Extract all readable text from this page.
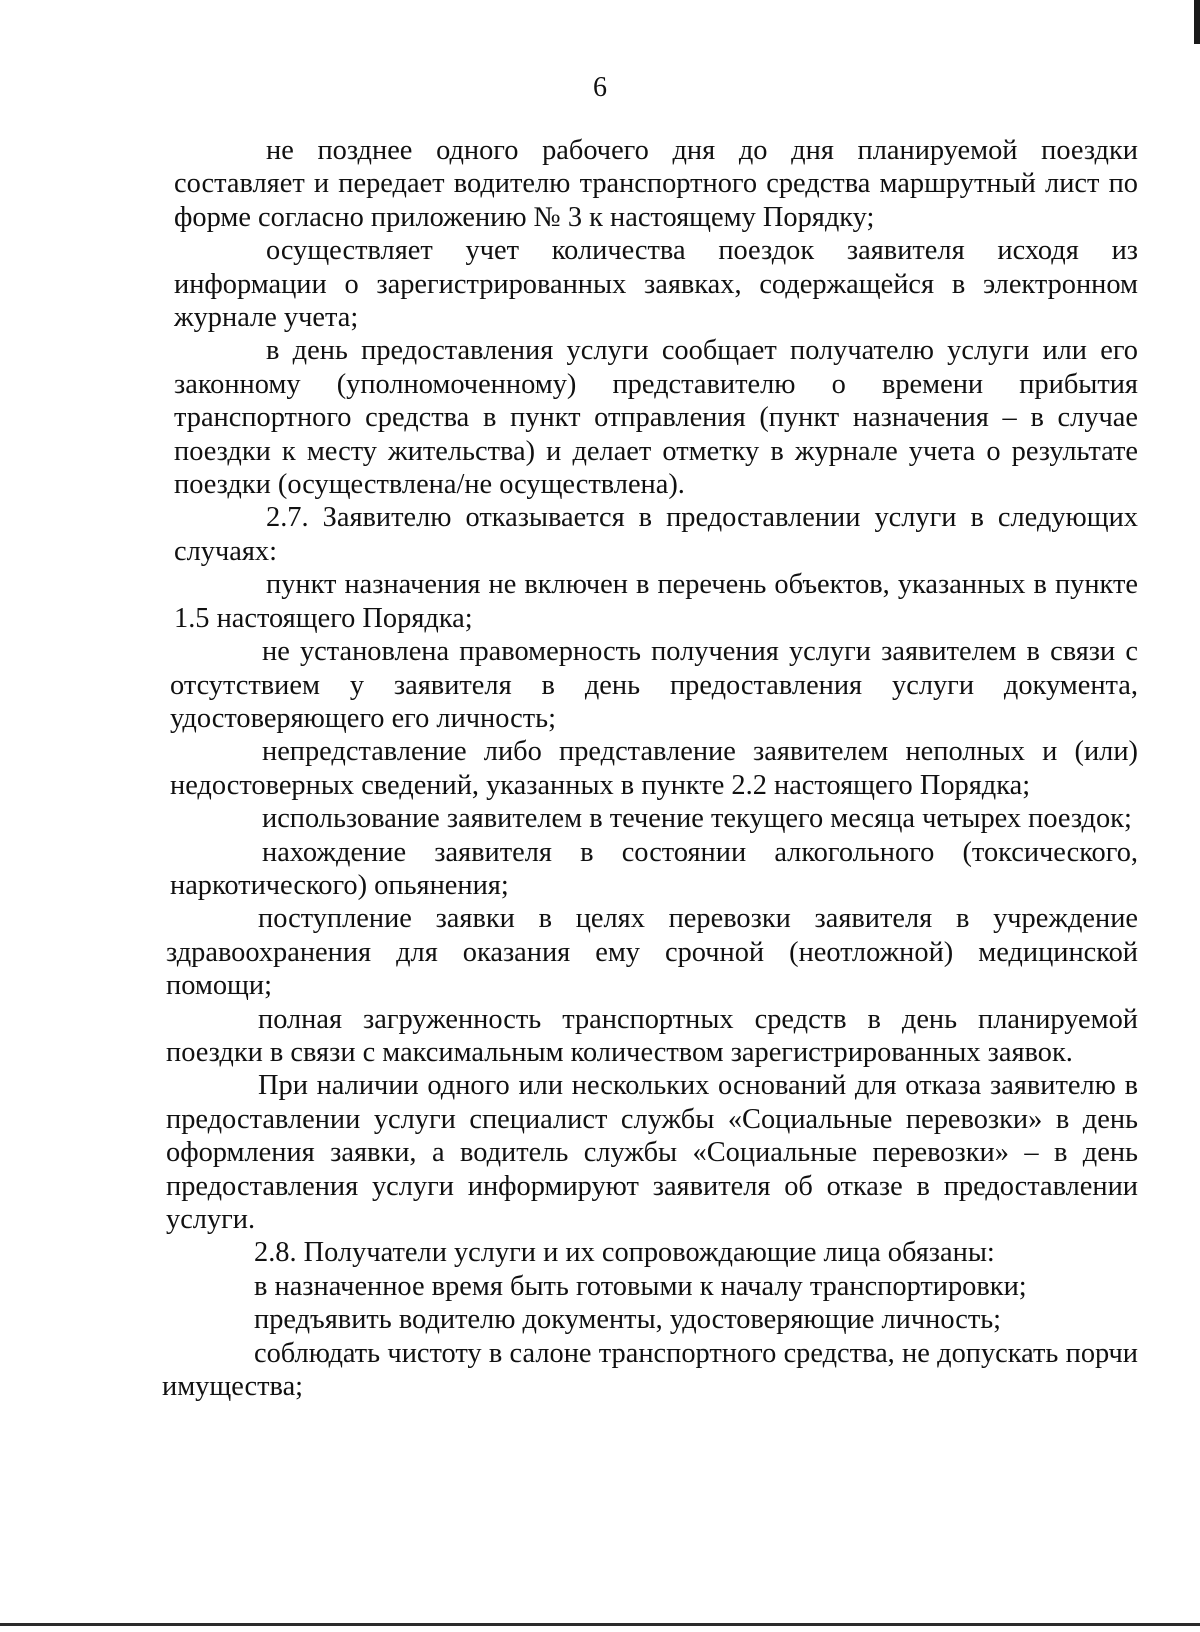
6

не позднее одного рабочего дня до дня планируемой поездки составляет и передает водителю транспортного средства маршрутный лист по форме согласно приложению № 3 к настоящему Порядку;

осуществляет учет количества поездок заявителя исходя из информации о зарегистрированных заявках, содержащейся в электронном журнале учета;

в день предоставления услуги сообщает получателю услуги или его законному (уполномоченному) представителю о времени прибытия транспортного средства в пункт отправления (пункт назначения – в случае поездки к месту жительства) и делает отметку в журнале учета о результате поездки (осуществлена/не осуществлена).

2.7. Заявителю отказывается в предоставлении услуги в следующих случаях:

пункт назначения не включен в перечень объектов, указанных в пункте 1.5 настоящего Порядка;

не установлена правомерность получения услуги заявителем в связи с отсутствием у заявителя в день предоставления услуги документа, удостоверяющего его личность;

непредставление либо представление заявителем неполных и (или) недостоверных сведений, указанных в пункте 2.2 настоящего Порядка;

использование заявителем в течение текущего месяца четырех поездок;

нахождение заявителя в состоянии алкогольного (токсического, наркотического) опьянения;

поступление заявки в целях перевозки заявителя в учреждение здравоохранения для оказания ему срочной (неотложной) медицинской помощи;

полная загруженность транспортных средств в день планируемой поездки в связи с максимальным количеством зарегистрированных заявок.

При наличии одного или нескольких оснований для отказа заявителю в предоставлении услуги специалист службы «Социальные перевозки» в день оформления заявки, а водитель службы «Социальные перевозки» – в день предоставления услуги информируют заявителя об отказе в предоставлении услуги.

2.8. Получатели услуги и их сопровождающие лица обязаны:

в назначенное время быть готовыми к началу транспортировки;

предъявить водителю документы, удостоверяющие личность;

соблюдать чистоту в салоне транспортного средства, не допускать порчи имущества;
